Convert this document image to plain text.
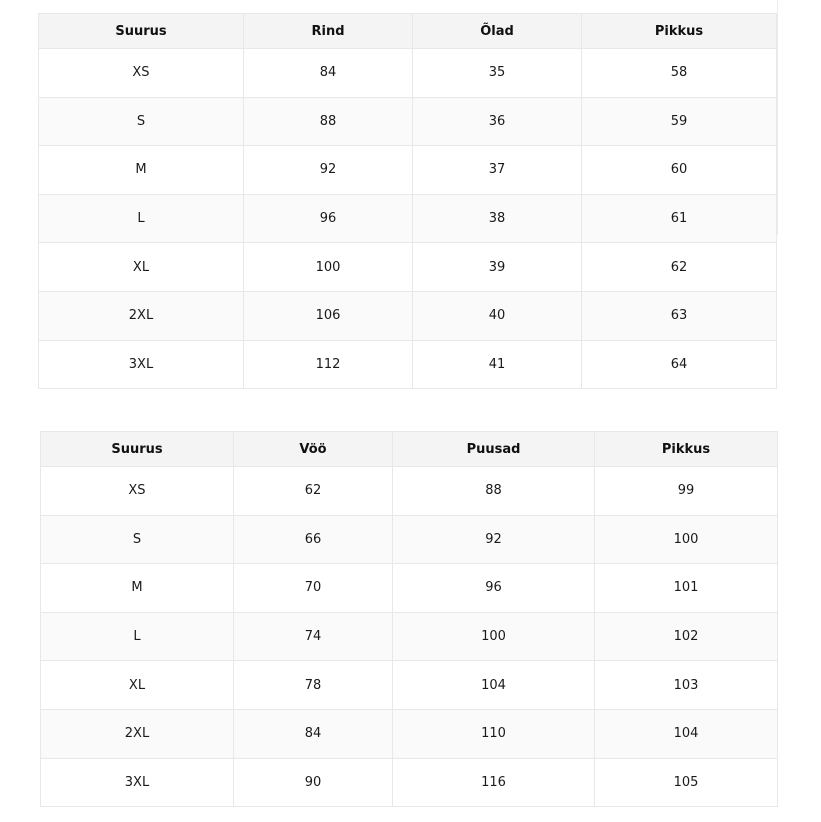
Suurus	Rind	Õlad	Pikkus
XS	84	35	58
S	88	36	59
M	92	37	60
L	96	38	61
XL	100	39	62
2XL	106	40	63
3XL	112	41	64
Suurus	Vöö	Puusad	Pikkus
XS	62	88	99
S	66	92	100
M	70	96	101
L	74	100	102
XL	78	104	103
2XL	84	110	104
3XL	90	116	105
